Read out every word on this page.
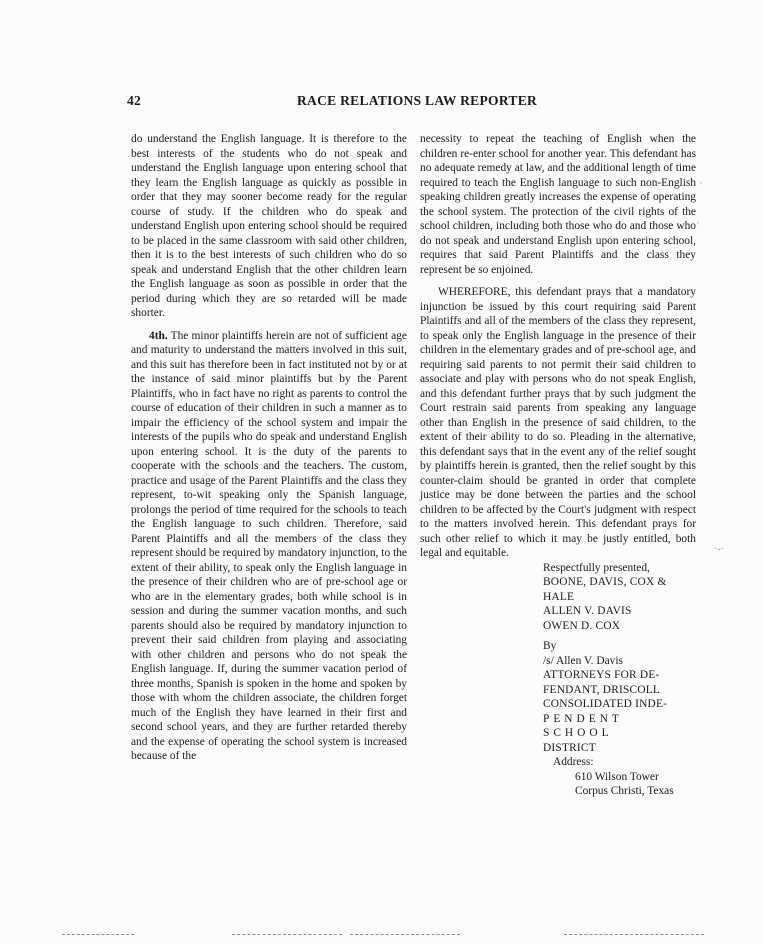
42	RACE RELATIONS LAW REPORTER

do understand the English language. It is therefore to the best interests of the students who do not speak and understand the English language upon entering school that they learn the English language as quickly as possible in order that they may sooner become ready for the regular course of study. If the children who do speak and understand English upon entering school should be required to be placed in the same classroom with said other children, then it is to the best interests of such children who do so speak and understand English that the other children learn the English language as soon as possible in order that the period during which they are so retarded will be made shorter.

4th. The minor plaintiffs herein are not of sufficient age and maturity to understand the matters involved in this suit, and this suit has therefore been in fact instituted not by or at the instance of said minor plaintiffs but by the Parent Plaintiffs, who in fact have no right as parents to control the course of education of their children in such a manner as to impair the efficiency of the school system and impair the interests of the pupils who do speak and understand English upon entering school. It is the duty of the parents to cooperate with the schools and the teachers. The custom, practice and usage of the Parent Plaintiffs and the class they represent, to-wit speaking only the Spanish language, prolongs the period of time required for the schools to teach the English language to such children. Therefore, said Parent Plaintiffs and all the members of the class they represent should be required by mandatory injunction, to the extent of their ability, to speak only the English language in the presence of their children who are of pre-school age or who are in the elementary grades, both while school is in session and during the summer vacation months, and such parents should also be required by mandatory injunction to prevent their said children from playing and associating with other children and persons who do not speak the English language. If, during the summer vacation period of three months, Spanish is spoken in the home and spoken by those with whom the children associate, the children forget much of the English they have learned in their first and second school years, and they are further retarded thereby and the expense of operating the school system is increased because of the

necessity to repeat the teaching of English when the children re-enter school for another year. This defendant has no adequate remedy at law, and the additional length of time required to teach the English language to such non-English speaking children greatly increases the expense of operating the school system. The protection of the civil rights of the school children, including both those who do and those who do not speak and understand English upon entering school, requires that said Parent Plaintiffs and the class they represent be so enjoined.

WHEREFORE, this defendant prays that a mandatory injunction be issued by this court requiring said Parent Plaintiffs and all of the members of the class they represent, to speak only the English language in the presence of their children in the elementary grades and of pre-school age, and requiring said parents to not permit their said children to associate and play with persons who do not speak English, and this defendant further prays that by such judgment the Court restrain said parents from speaking any language other than English in the presence of said children, to the extent of their ability to do so. Pleading in the alternative, this defendant says that in the event any of the relief sought by plaintiffs herein is granted, then the relief sought by this counter-claim should be granted in order that complete justice may be done between the parties and the school children to be affected by the Court's judgment with respect to the matters involved herein. This defendant prays for such other relief to which it may be justly entitled, both legal and equitable.

Respectfully presented,
BOONE, DAVIS, COX &
HALE
ALLEN V. DAVIS
OWEN D. COX
By
/s/ Allen V. Davis
ATTORNEYS FOR DE-
FENDANT, DRISCOLL
CONSOLIDATED INDE-
PENDENT SCHOOL
DISTRICT
Address:
610 Wilson Tower
Corpus Christi, Texas
'
'
·-·
